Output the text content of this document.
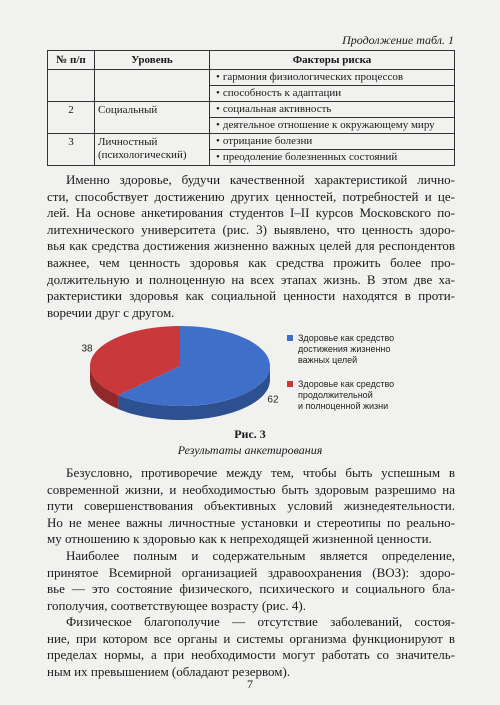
Продолжение табл. 1
№ п/п	Уровень	Факторы риска

		• гармония физиологических процессов
• способность к адаптации

2	Социальный	• социальная активность
• деятельное отношение к окружающему миру

3	Личностный (психологический)	• отрицание болезни
• преодоление болезненных состояний
Именно здоровье, будучи качественной характеристикой лично-
сти, способствует достижению других ценностей, потребностей и це-
лей. На основе анкетирования студентов I–II курсов Московского по-
литехнического университета (рис. 3) выявлено, что ценность здоро-
вья как средства достижения жизненно важных целей для респондентов
важнее, чем ценность здоровья как средства прожить более про-
должительную и полноценную на всех этапах жизнь. В этом две ха-
рактеристики здоровья как социальной ценности находятся в проти-
воречии друг с другом.
62
38
Здоровье как средство
достижения жизненно
важных целей
Здоровье как средство
продолжительной
и полноценной жизни
Рис. 3
Результаты анкетирования
Безусловно, противоречие между тем, чтобы быть успешным в
современной жизни, и необходимостью быть здоровым разрешимо на
пути совершенствования объективных условий жизнедеятельности.
Но не менее важны личностные установки и стереотипы по реально-
му отношению к здоровью как к непреходящей жизненной ценности.
Наиболее полным и содержательным является определение,
принятое Всемирной организацией здравоохранения (ВОЗ): здоро-
вье — это состояние физического, психического и социального бла-
гополучия, соответствующее возрасту (рис. 4).
Физическое благополучие — отсутствие заболеваний, состоя-
ние, при котором все органы и системы организма функционируют в
пределах нормы, а при необходимости могут работать со значитель-
ным их превышением (обладают резервом).
7
